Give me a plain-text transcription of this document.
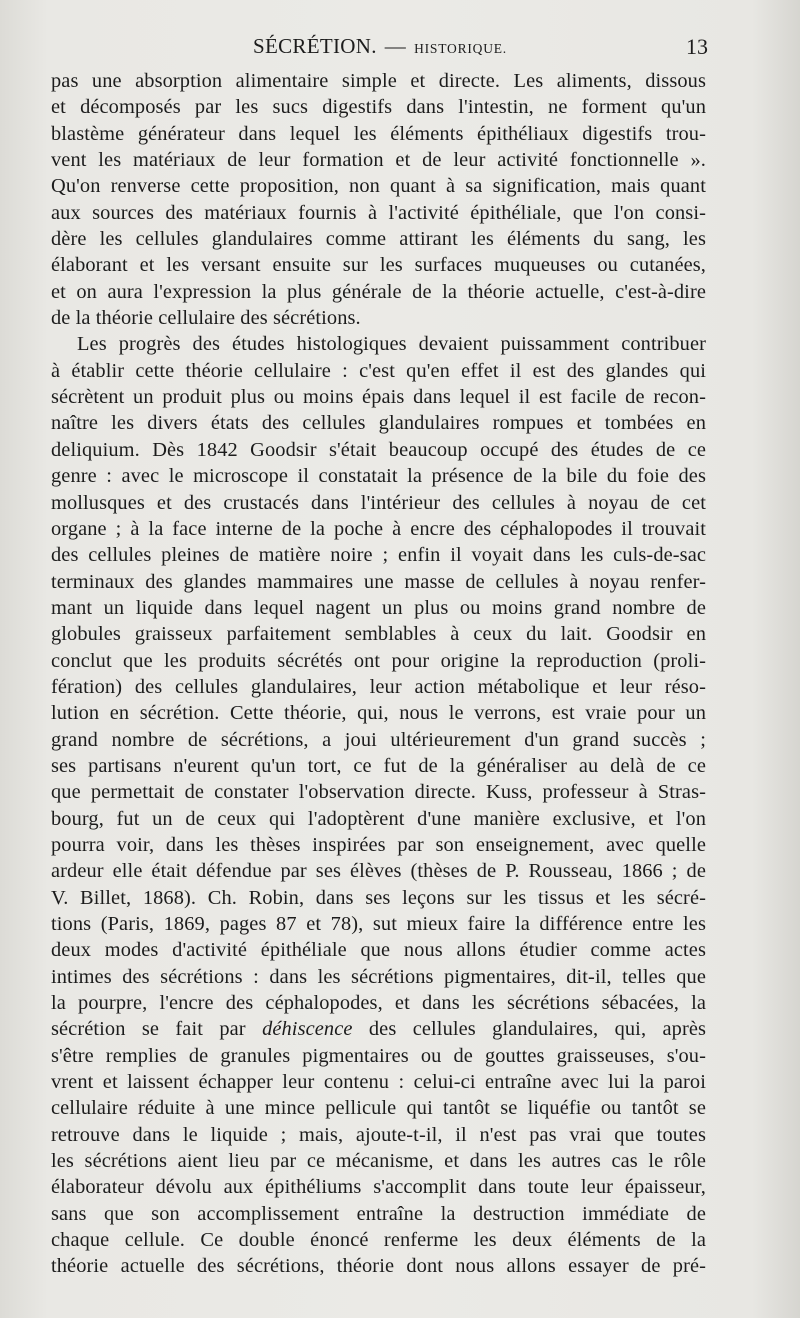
SÉCRÉTION. — HISTORIQUE.	13
pas une absorption alimentaire simple et directe. Les aliments, dissous
et décomposés par les sucs digestifs dans l'intestin, ne forment qu'un
blastème générateur dans lequel les éléments épithéliaux digestifs trou-
vent les matériaux de leur formation et de leur activité fonctionnelle ».
Qu'on renverse cette proposition, non quant à sa signification, mais quant
aux sources des matériaux fournis à l'activité épithéliale, que l'on consi-
dère les cellules glandulaires comme attirant les éléments du sang, les
élaborant et les versant ensuite sur les surfaces muqueuses ou cutanées,
et on aura l'expression la plus générale de la théorie actuelle, c'est-à-dire
de la théorie cellulaire des sécrétions.
Les progrès des études histologiques devaient puissamment contribuer
à établir cette théorie cellulaire : c'est qu'en effet il est des glandes qui
sécrètent un produit plus ou moins épais dans lequel il est facile de recon-
naître les divers états des cellules glandulaires rompues et tombées en
deliquium. Dès 1842 Goodsir s'était beaucoup occupé des études de ce
genre : avec le microscope il constatait la présence de la bile du foie des
mollusques et des crustacés dans l'intérieur des cellules à noyau de cet
organe ; à la face interne de la poche à encre des céphalopodes il trouvait
des cellules pleines de matière noire ; enfin il voyait dans les culs-de-sac
terminaux des glandes mammaires une masse de cellules à noyau renfer-
mant un liquide dans lequel nagent un plus ou moins grand nombre de
globules graisseux parfaitement semblables à ceux du lait. Goodsir en
conclut que les produits sécrétés ont pour origine la reproduction (proli-
fération) des cellules glandulaires, leur action métabolique et leur réso-
lution en sécrétion. Cette théorie, qui, nous le verrons, est vraie pour un
grand nombre de sécrétions, a joui ultérieurement d'un grand succès ;
ses partisans n'eurent qu'un tort, ce fut de la généraliser au delà de ce
que permettait de constater l'observation directe. Kuss, professeur à Stras-
bourg, fut un de ceux qui l'adoptèrent d'une manière exclusive, et l'on
pourra voir, dans les thèses inspirées par son enseignement, avec quelle
ardeur elle était défendue par ses élèves (thèses de P. Rousseau, 1866 ; de
V. Billet, 1868). Ch. Robin, dans ses leçons sur les tissus et les sécré-
tions (Paris, 1869, pages 87 et 78), sut mieux faire la différence entre les
deux modes d'activité épithéliale que nous allons étudier comme actes
intimes des sécrétions : dans les sécrétions pigmentaires, dit-il, telles que
la pourpre, l'encre des céphalopodes, et dans les sécrétions sébacées, la
sécrétion se fait par déhiscence des cellules glandulaires, qui, après
s'être remplies de granules pigmentaires ou de gouttes graisseuses, s'ou-
vrent et laissent échapper leur contenu : celui-ci entraîne avec lui la paroi
cellulaire réduite à une mince pellicule qui tantôt se liquéfie ou tantôt se
retrouve dans le liquide ; mais, ajoute-t-il, il n'est pas vrai que toutes
les sécrétions aient lieu par ce mécanisme, et dans les autres cas le rôle
élaborateur dévolu aux épithéliums s'accomplit dans toute leur épaisseur,
sans que son accomplissement entraîne la destruction immédiate de
chaque cellule. Ce double énoncé renferme les deux éléments de la
théorie actuelle des sécrétions, théorie dont nous allons essayer de pré-
